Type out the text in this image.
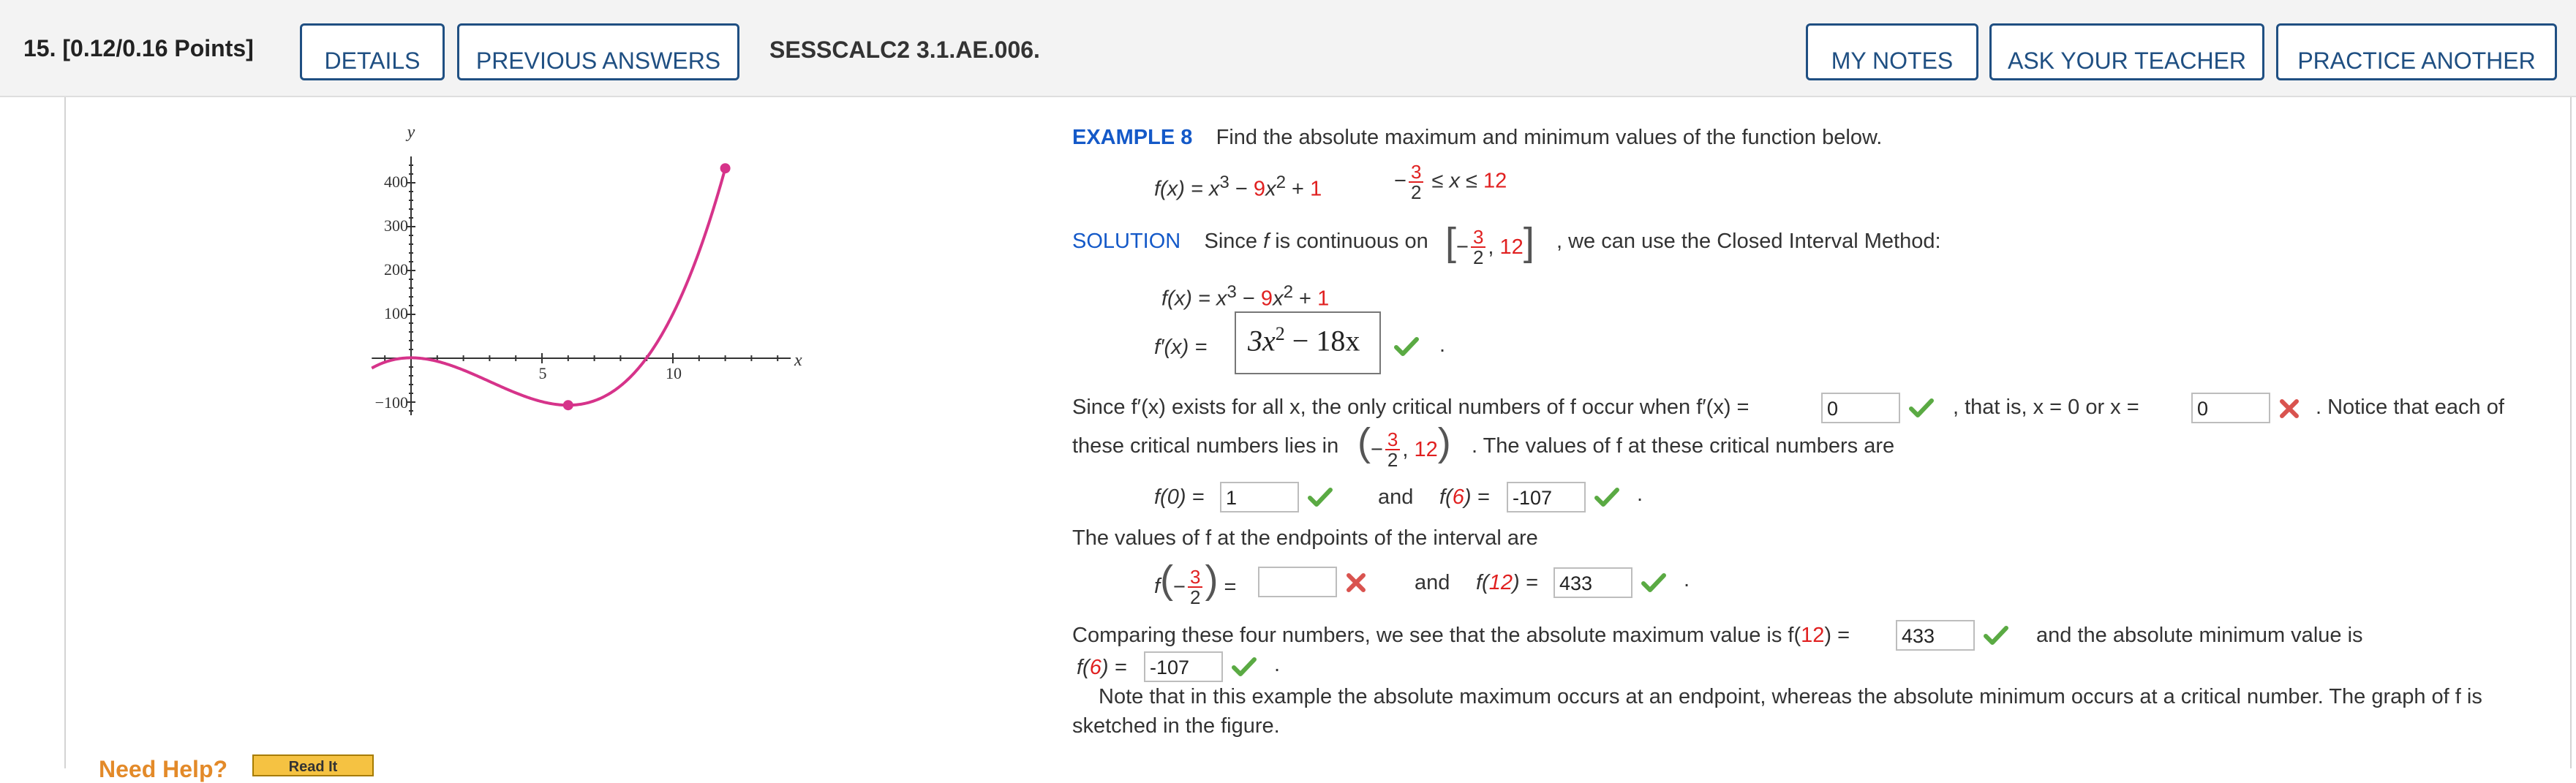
15. [0.12/0.16 Points]	DETAILS	PREVIOUS ANSWERS	SESSCALC2 3.1.AE.006.	MY NOTES	ASK YOUR TEACHER	PRACTICE ANOTHER
y
x
400
300
200
100
−100
5	10
EXAMPLE 8 Find the absolute maximum and minimum values of the function below.
$f(x) = x^3 - 9x^2 + 1$	− $\frac{3}{2} \le x \le 12$
SOLUTION Since f is continuous on [− $\frac{3}{2}$ , 12] , we can use the Closed Interval Method:
$f(x) = x^3 - 9x^2 + 1$
f′(x) =	$3x^2 - 18x$	.
Since f′(x) exists for all x, the only critical numbers of f occur when f′(x) =	0	, that is, x = 0 or x =	0	. Notice that each of
these critical numbers lies in (− $\frac{3}{2}$ , 12) . The values of f at these critical numbers are
f(0) = 1	and f(6) = -107	.
The values of f at the endpoints of the interval are
$f(- \frac{3}{2}$ ) =	and f(12) = 433	.
Comparing these four numbers, we see that the absolute maximum value is f(12) =	433	and the absolute minimum value is
f(6) = -107	.
Note that in this example the absolute maximum occurs at an endpoint, whereas the absolute minimum occurs at a critical number. The graph of f is
sketched in the figure.
Need Help?	Read It
